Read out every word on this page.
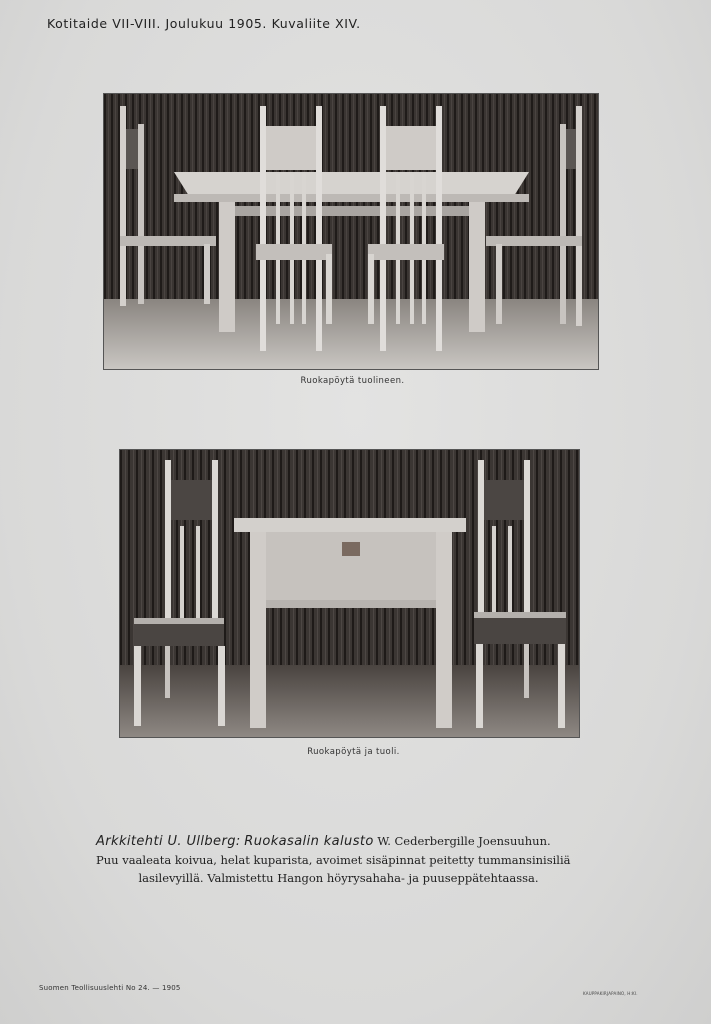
Kotitaide VII-VIII. Joulukuu 1905. Kuvaliite XIV.
Ruokapöytä tuolineen.
Ruokapöytä ja tuoli.
Arkkitehti U. Ullberg: Ruokasalin kalusto W. Cederbergille Joensuuhun.
Puu vaaleata koivua, helat kuparista, avoimet sisäpinnat peitetty tummansinisiliä
lasilevyillä. Valmistettu Hangon höyrysahaha- ja puuseppätehtaassa.
Suomen Teollisuuslehti No 24. — 1905
KAUPPAKIRJAPAINO, H:KI.
